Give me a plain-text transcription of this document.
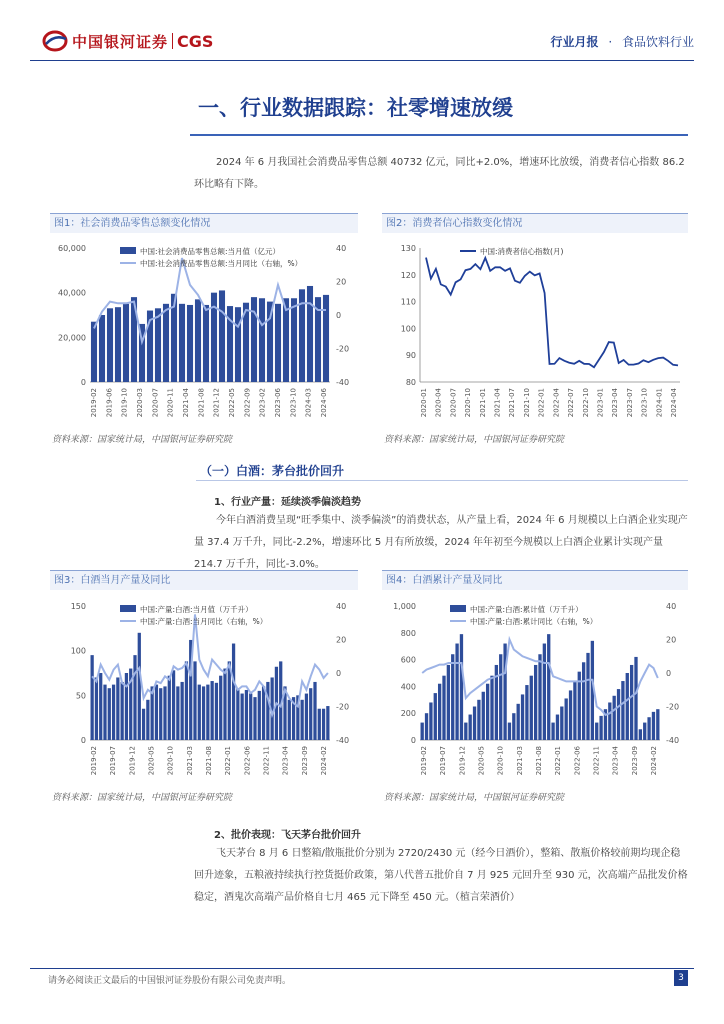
中国银河证券 CGS	行业月报 · 食品饮料行业
一、行业数据跟踪：社零增速放缓
2024 年 6 月我国社会消费品零售总额 40732 亿元，同比+2.0%，增速环比放缓，消费者信心指数 86.2 环比略有下降。
图1：社会消费品零售总额变化情况
60,000
40,000
20,000
0
40
20
0
-20
-40
2019-02 2019-06 2019-10 2020-03 2020-07 2020-11 2021-04 2021-08 2021-12 2022-05 2022-09 2023-02 2023-06 2023-10 2024-03 2024-06
中国:社会消费品零售总额:当月值（亿元）
中国:社会消费品零售总额:当月同比（右轴，%）
资料来源：国家统计局，中国银河证券研究院
图2：消费者信心指数变化情况
130
120
110
100
90
80
2020-01 2020-04 2020-07 2020-10 2021-01 2021-04 2021-07 2021-10 2022-01 2022-04 2022-07 2022-10 2023-01 2023-04 2023-07 2023-10 2024-01 2024-04
中国:消费者信心指数(月)
资料来源：国家统计局，中国银河证券研究院
（一）白酒：茅台批价回升
1、行业产量：延续淡季偏淡趋势
今年白酒消费呈现“旺季集中、淡季偏淡”的消费状态，从产量上看，2024 年 6 月规模以上白酒企业实现产量 37.4 万千升，同比-2.2%，增速环比 5 月有所放缓，2024 年年初至今规模以上白酒企业累计实现产量 214.7 万千升，同比-3.0%。
图3：白酒当月产量及同比
150
100
50
0
40
20
0
-20
-40
2019-02 2019-07 2019-12 2020-05 2020-10 2021-03 2021-08 2022-01 2022-06 2022-11 2023-04 2023-09 2024-02
中国:产量:白酒:当月值（万千升）
中国:产量:白酒:当月同比（右轴，%）
资料来源：国家统计局，中国银河证券研究院
图4：白酒累计产量及同比
1,000
800
600
400
200
0
40
20
0
-20
-40
2019-02 2019-07 2019-12 2020-05 2020-10 2021-03 2021-08 2022-01 2022-06 2022-11 2023-04 2023-09 2024-02
中国:产量:白酒:累计值（万千升）
中国:产量:白酒:累计同比（右轴，%）
资料来源：国家统计局，中国银河证券研究院
2、批价表现：飞天茅台批价回升
飞天茅台 8 月 6 日整箱/散瓶批价分别为 2720/2430 元（经今日酒价），整箱、散瓶价格较前期均现企稳回升迹象，五粮液持续执行控货挺价政策，第八代普五批价自 7 月 925 元回升至 930 元，次高端产品批发价格稳定，酒鬼次高端产品价格自七月 465 元下降至 450 元。（植言荣酒价）
请务必阅读正文最后的中国银河证券股份有限公司免责声明。	3
